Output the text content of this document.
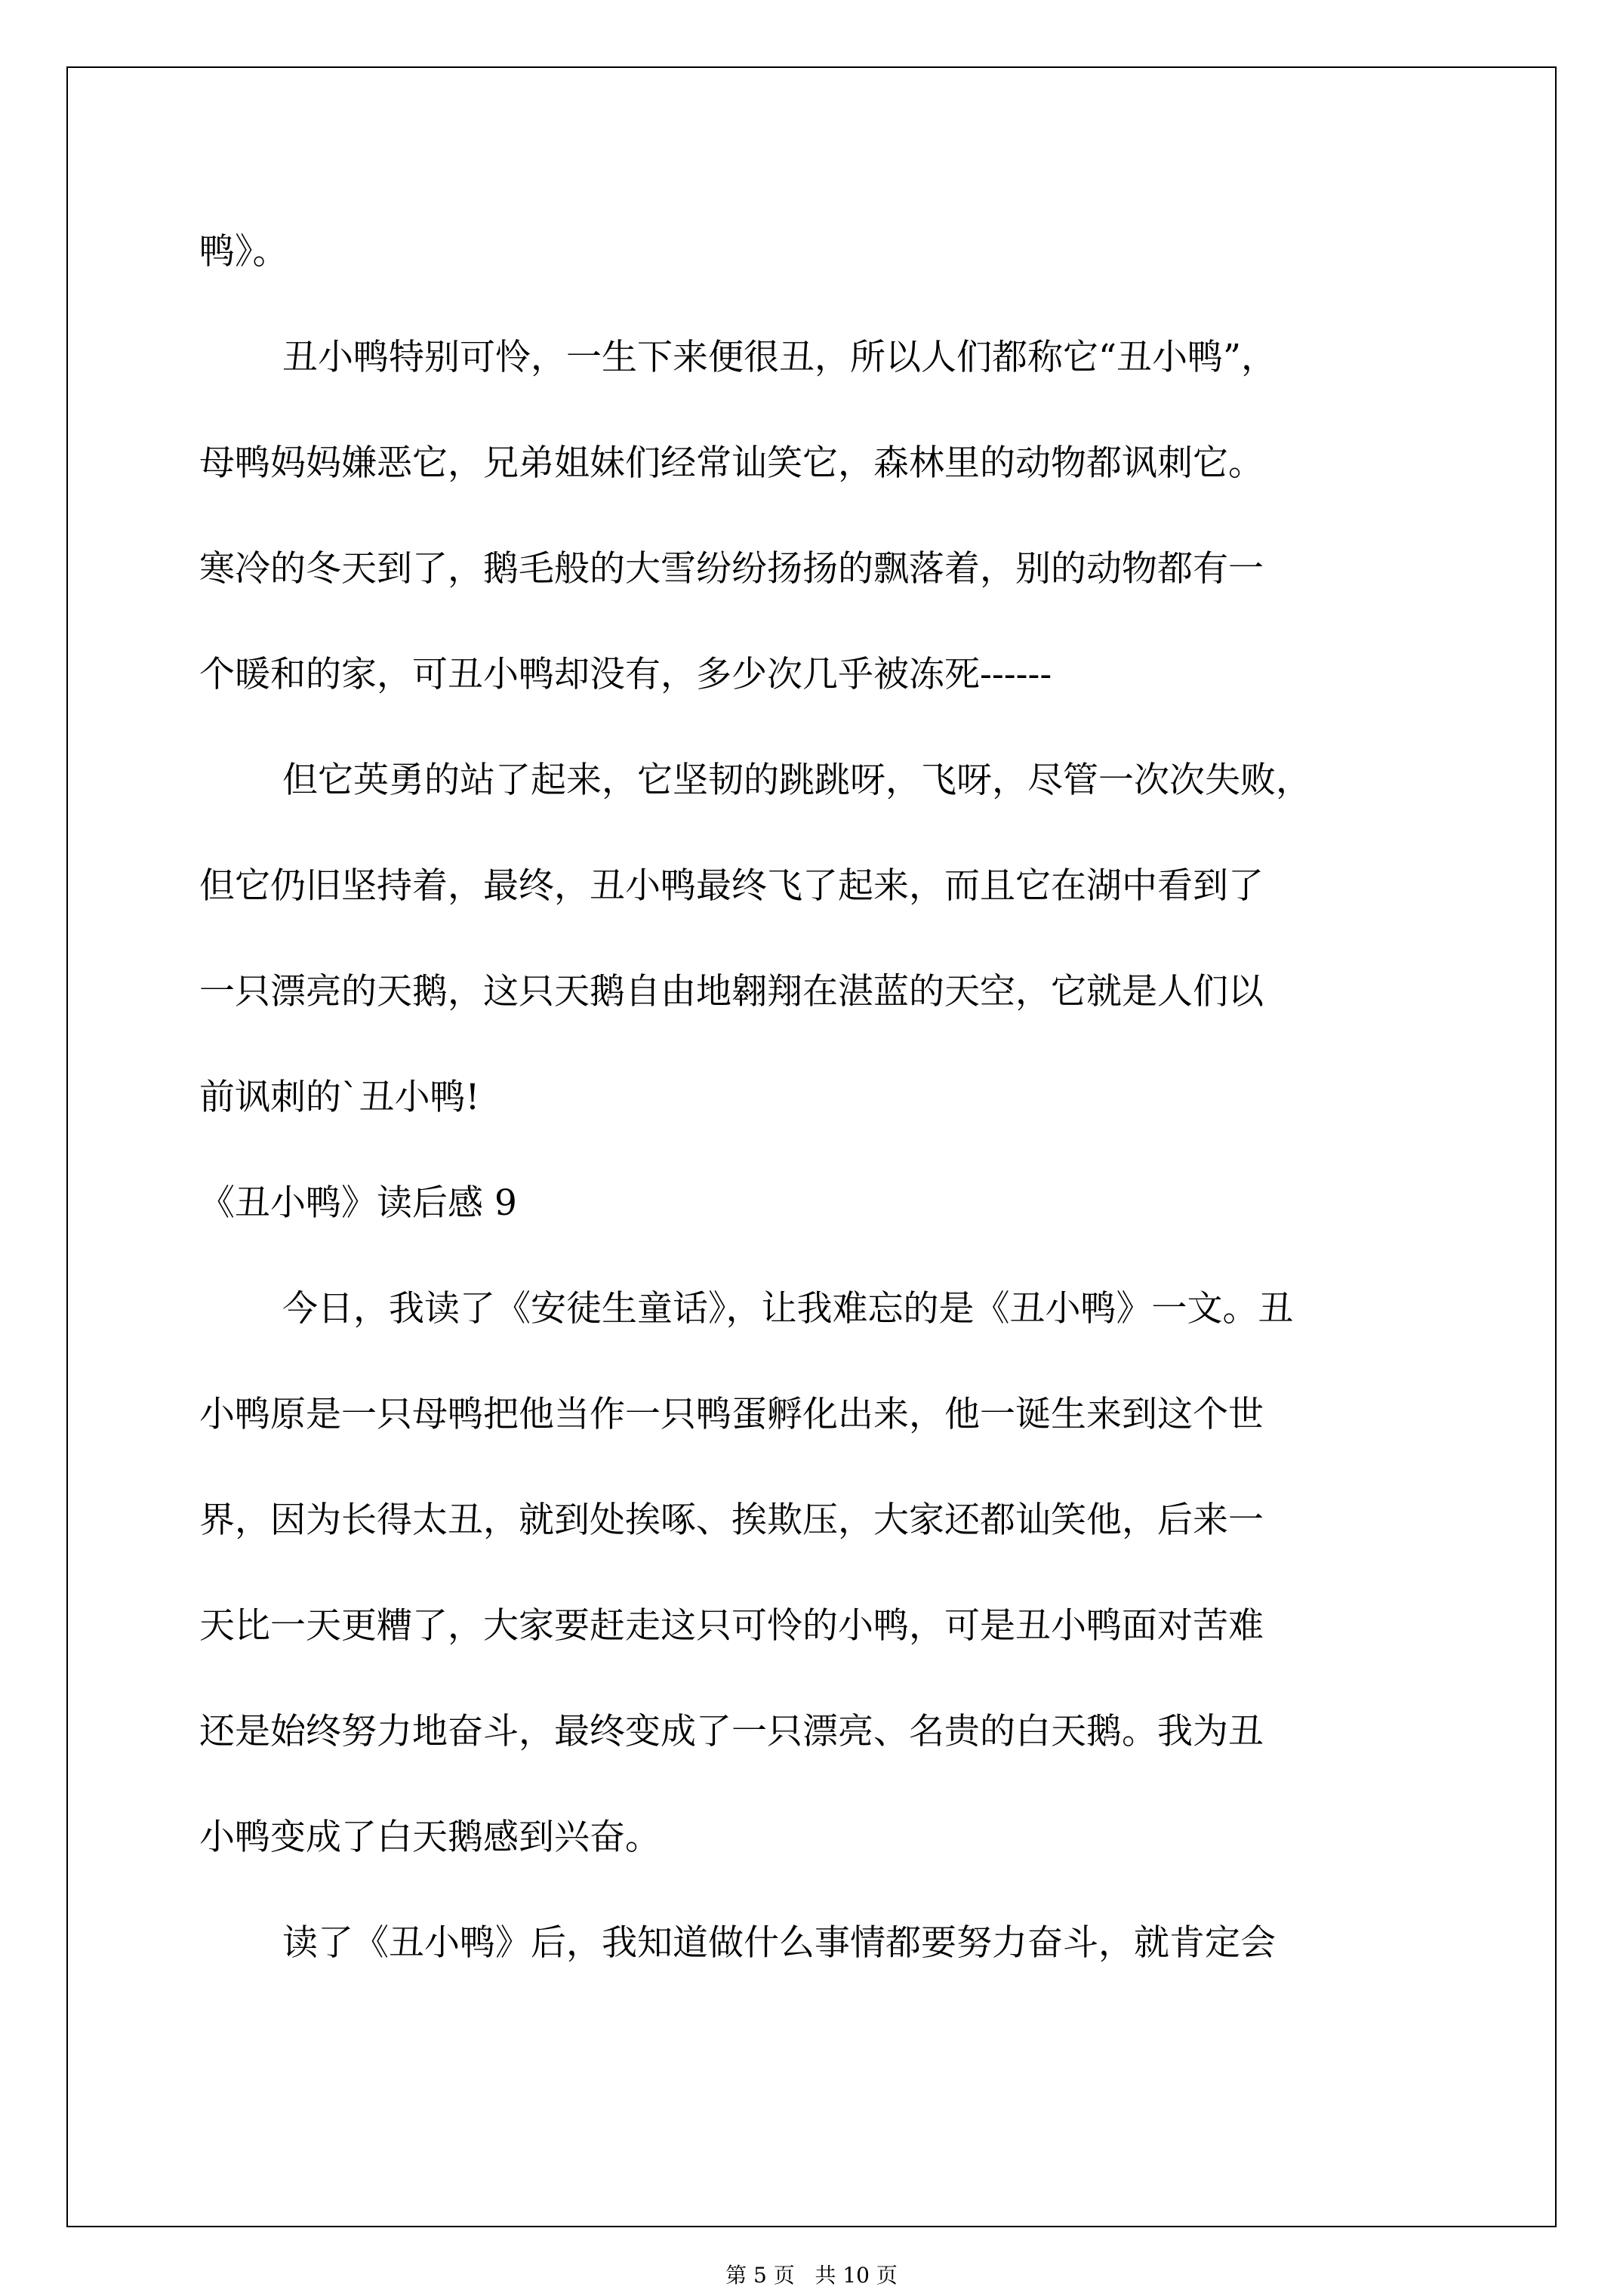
鸭》。
丑小鸭特别可怜，一生下来便很丑，所以人们都称它“丑小鸭”，
母鸭妈妈嫌恶它，兄弟姐妹们经常讪笑它，森林里的动物都讽刺它。
寒冷的冬天到了，鹅毛般的大雪纷纷扬扬的飘落着，别的动物都有一
个暖和的家，可丑小鸭却没有，多少次几乎被冻死------
但它英勇的站了起来，它坚韧的跳跳呀，飞呀，尽管一次次失败，
但它仍旧坚持着，最终，丑小鸭最终飞了起来，而且它在湖中看到了
一只漂亮的天鹅，这只天鹅自由地翱翔在湛蓝的天空，它就是人们以
前讽刺的`丑小鸭!
《丑小鸭》读后感 9
今日，我读了《安徒生童话》，让我难忘的是《丑小鸭》一文。丑
小鸭原是一只母鸭把他当作一只鸭蛋孵化出来，他一诞生来到这个世
界，因为长得太丑，就到处挨啄、挨欺压，大家还都讪笑他，后来一
天比一天更糟了，大家要赶走这只可怜的小鸭，可是丑小鸭面对苦难
还是始终努力地奋斗，最终变成了一只漂亮、名贵的白天鹅。我为丑
小鸭变成了白天鹅感到兴奋。
读了《丑小鸭》后，我知道做什么事情都要努力奋斗，就肯定会
第 5 页   共 10 页
